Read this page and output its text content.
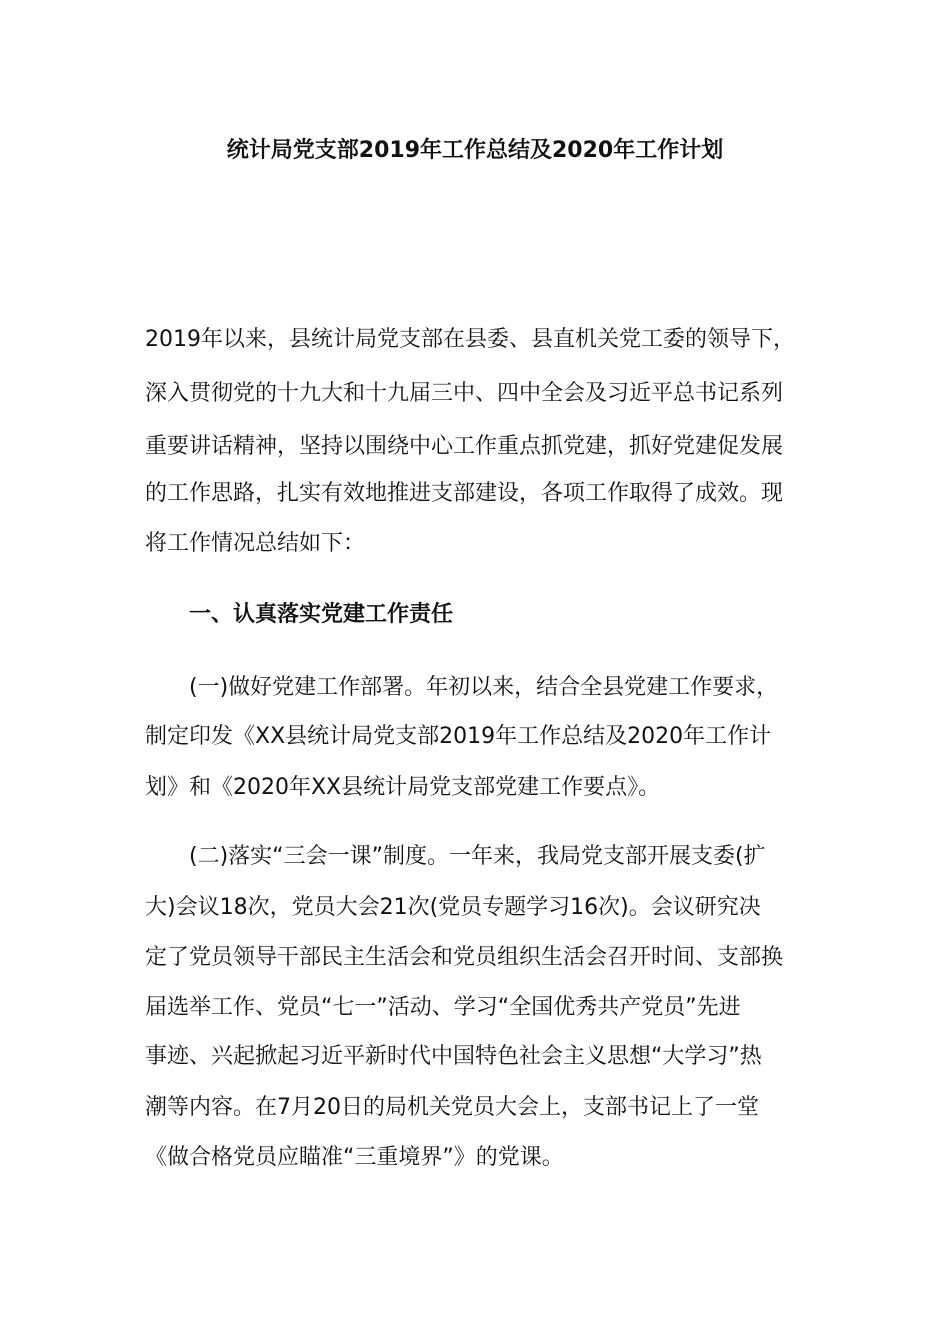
统计局党支部2019年工作总结及2020年工作计划
2019年以来，县统计局党支部在县委、县直机关党工委的领导下，
深入贯彻党的十九大和十九届三中、四中全会及习近平总书记系列
重要讲话精神，坚持以围绕中心工作重点抓党建，抓好党建促发展
的工作思路，扎实有效地推进支部建设，各项工作取得了成效。现
将工作情况总结如下：
一、认真落实党建工作责任
(一)做好党建工作部署。年初以来，结合全县党建工作要求，
制定印发《XX县统计局党支部2019年工作总结及2020年工作计
划》和《2020年XX县统计局党支部党建工作要点》。
(二)落实“三会一课”制度。一年来，我局党支部开展支委(扩
大)会议18次，党员大会21次(党员专题学习16次)。会议研究决
定了党员领导干部民主生活会和党员组织生活会召开时间、支部换
届选举工作、党员“七一”活动、学习“全国优秀共产党员”先进
事迹、兴起掀起习近平新时代中国特色社会主义思想“大学习”热
潮等内容。在7月20日的局机关党员大会上，支部书记上了一堂
《做合格党员应瞄准“三重境界”》的党课。
